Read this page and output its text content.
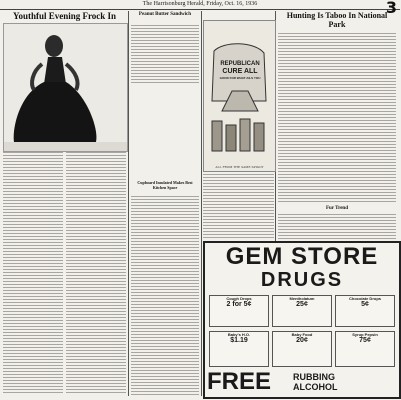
The Harrisonburg Herald, Friday, Oct. 16, 1936	3
Youthful Evening Frock In	Peanut Butter Sandwich
Cupboard Insulated Makes Best Kitchen Space
REPUBLICAN
CURE ALL
GOOD FOR WHAT AILS YOU
ALL FROM THE SAME SPIGOT
Hunting Is Taboo In National Park
Fur Trend
GEM STORE
DRUGS
Cough Drops
2 for 5¢
Mentholatum
25¢
Chocolate Drops
5¢
Baby's H.O.
$1.19
Baby Food
20¢
Syrup Pepsin
75¢
FREE RUBBING
ALCOHOL
